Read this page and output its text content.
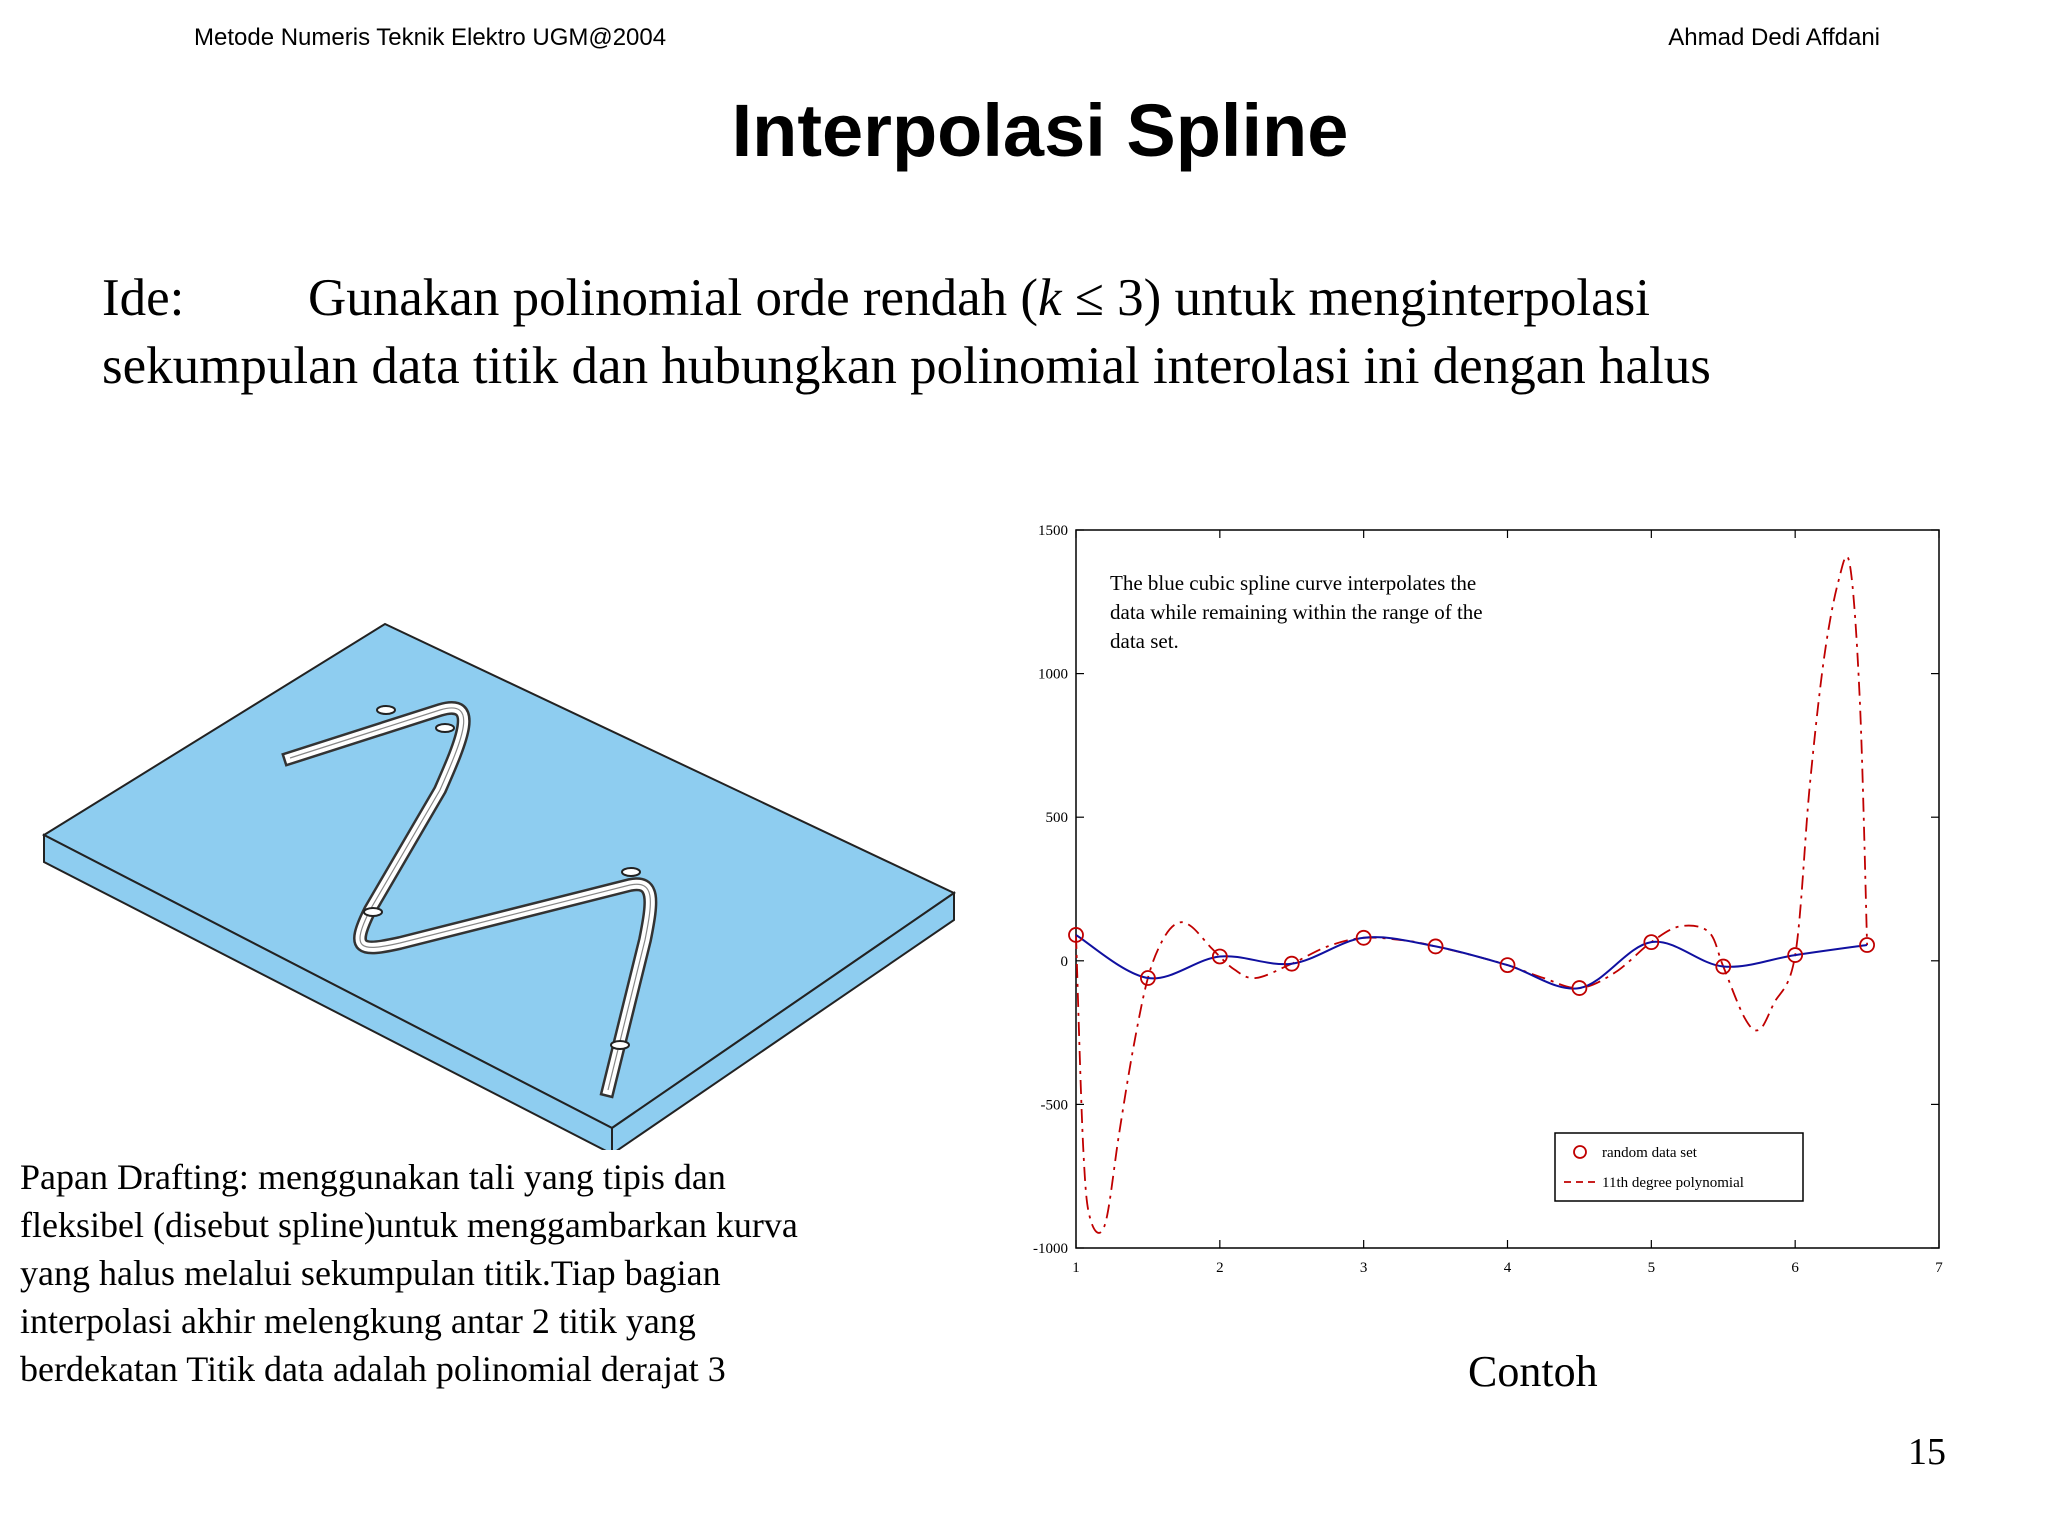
Metode Numeris Teknik Elektro UGM@2004	Ahmad Dedi Affdani
Interpolasi Spline
Ide: Gunakan polinomial orde rendah (k ≤ 3) untuk menginterpolasi
sekumpulan data titik dan hubungkan polinomial interolasi ini dengan halus
Papan Drafting: menggunakan tali yang tipis dan
fleksibel (disebut spline)untuk menggambarkan kurva
yang halus melalui sekumpulan titik.Tiap bagian
interpolasi akhir melengkung antar 2 titik yang
berdekatan Titik data adalah polinomial derajat 3
1	2	3	4	5	6	7
-1000
-500
0
500
1000
1500
The blue cubic spline curve interpolates the
data while remaining within the range of the
data set.
random data set
11th degree polynomial
Contoh
15
